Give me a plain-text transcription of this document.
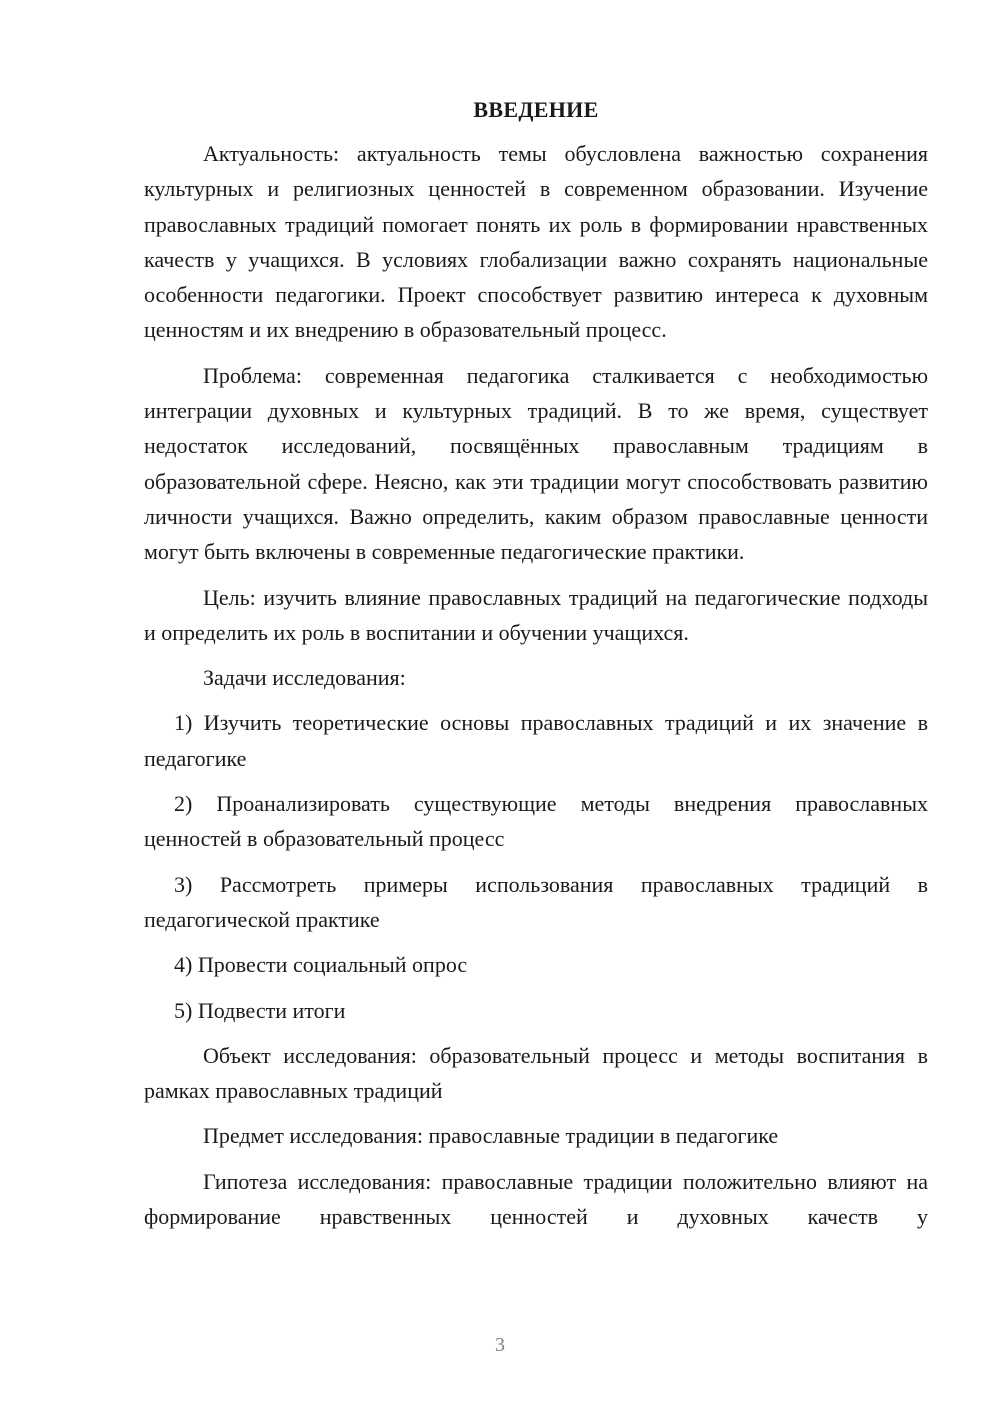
ВВЕДЕНИЕ

Актуальность: актуальность темы обусловлена важностью сохранения культурных и религиозных ценностей в современном образовании. Изучение православных традиций помогает понять их роль в формировании нравственных качеств у учащихся. В условиях глобализации важно сохранять национальные особенности педагогики. Проект способствует развитию интереса к духовным ценностям и их внедрению в образовательный процесс.

Проблема: современная педагогика сталкивается с необходимостью интеграции духовных и культурных традиций. В то же время, существует недостаток исследований, посвящённых православным традициям в образовательной сфере. Неясно, как эти традиции могут способствовать развитию личности учащихся. Важно определить, каким образом православные ценности могут быть включены в современные педагогические практики.

Цель: изучить влияние православных традиций на педагогические подходы и определить их роль в воспитании и обучении учащихся.

Задачи исследования:

1) Изучить теоретические основы православных традиций и их значение в педагогике

2) Проанализировать существующие методы внедрения православных ценностей в образовательный процесс

3) Рассмотреть примеры использования православных традиций в педагогической практике

4) Провести социальный опрос

5) Подвести итоги

Объект исследования: образовательный процесс и методы воспитания в рамках православных традиций

Предмет исследования: православные традиции в педагогике

Гипотеза исследования: православные традиции положительно влияют на формирование нравственных ценностей и духовных качеств у

3
